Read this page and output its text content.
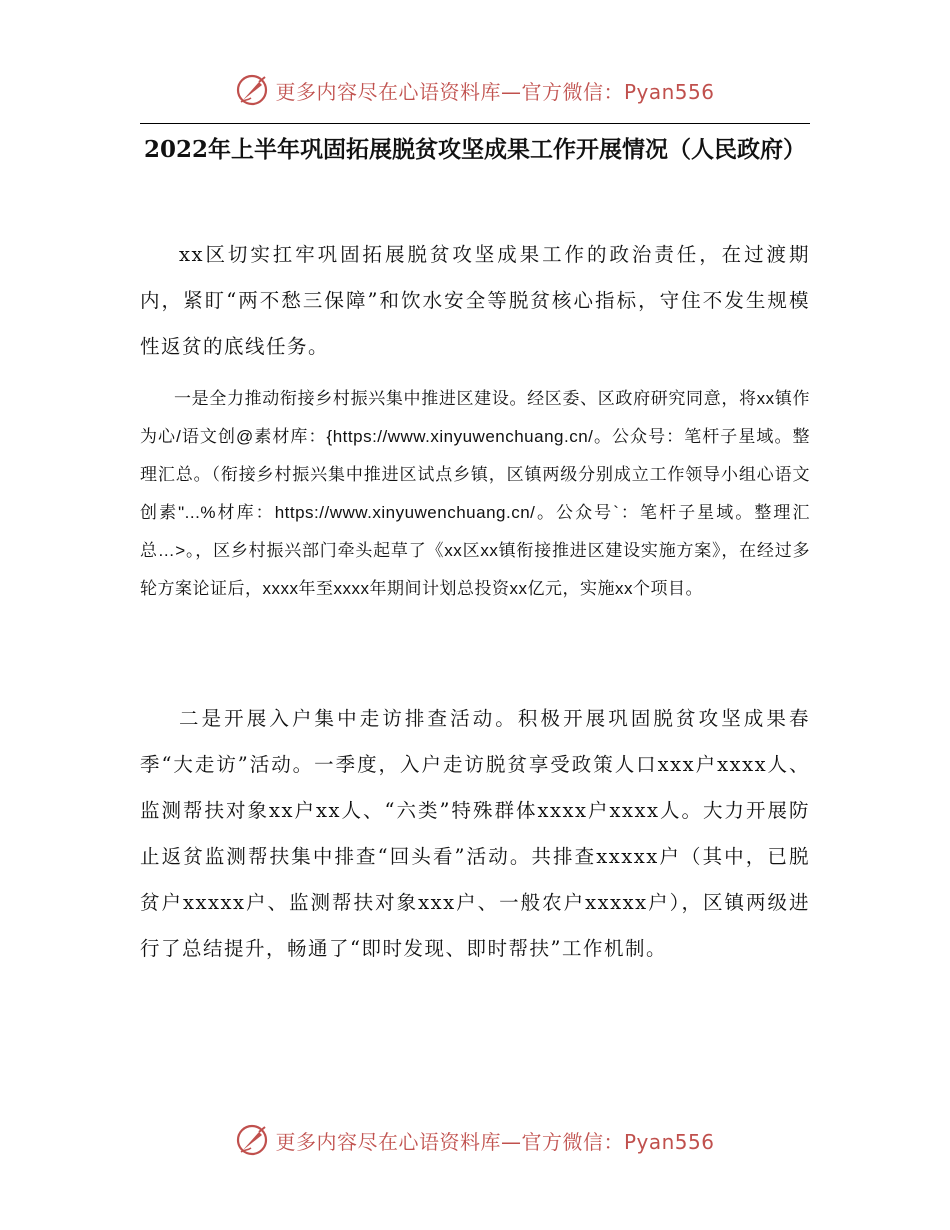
更多内容尽在心语资料库—官方微信：Pyan556
2022年上半年巩固拓展脱贫攻坚成果工作开展情况（人民政府）

xx区切实扛牢巩固拓展脱贫攻坚成果工作的政治责任，在过渡期内，紧盯“两不愁三保障”和饮水安全等脱贫核心指标，守住不发生规模性返贫的底线任务。

一是全力推动衔接乡村振兴集中推进区建设。经区委、区政府研究同意，将xx镇作为心/语文创@素材库：{https://www.xinyuwenchuang.cn/。公众号：笔杆子星域。整理汇总。（衔接乡村振兴集中推进区试点乡镇，区镇两级分别成立工作领导小组心语文创素"...%材库：https://www.xinyuwenchuang.cn/。公众号`：笔杆子星域。整理汇总…>。，区乡村振兴部门牵头起草了《xx区xx镇衔接推进区建设实施方案》，在经过多轮方案论证后，xxxx年至xxxx年期间计划总投资xx亿元，实施xx个项目。

二是开展入户集中走访排查活动。积极开展巩固脱贫攻坚成果春季“大走访”活动。一季度，入户走访脱贫享受政策人口xxx户xxxx人、监测帮扶对象xx户xx人、“六类”特殊群体xxxx户xxxx人。大力开展防止返贫监测帮扶集中排查“回头看”活动。共排查xxxxx户（其中，已脱贫户xxxxx户、监测帮扶对象xxx户、一般农户xxxxx户），区镇两级进行了总结提升，畅通了“即时发现、即时帮扶”工作机制。

更多内容尽在心语资料库—官方微信：Pyan556
